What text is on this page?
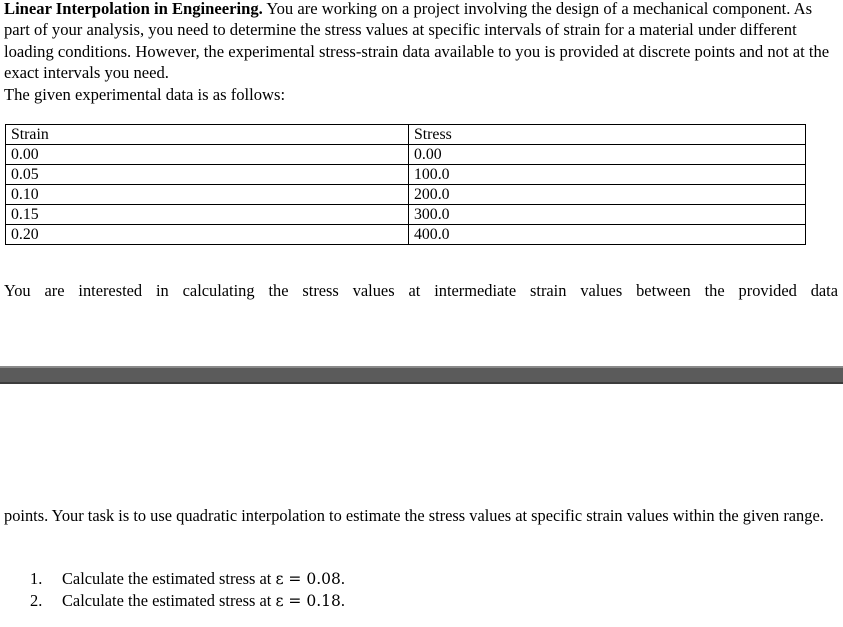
Linear Interpolation in Engineering. You are working on a project involving the design of a mechanical component. As part of your analysis, you need to determine the stress values at specific intervals of strain for a material under different loading conditions. However, the experimental stress-strain data available to you is provided at discrete points and not at the exact intervals you need.

The given experimental data is as follows:

Strain	Stress
0.00	0.00
0.05	100.0
0.10	200.0
0.15	300.0
0.20	400.0

You are interested in calculating the stress values at intermediate strain values between the provided data

points. Your task is to use quadratic interpolation to estimate the stress values at specific strain values within the given range.

1. Calculate the estimated stress at ε = 0.08.
2. Calculate the estimated stress at ε = 0.18.
